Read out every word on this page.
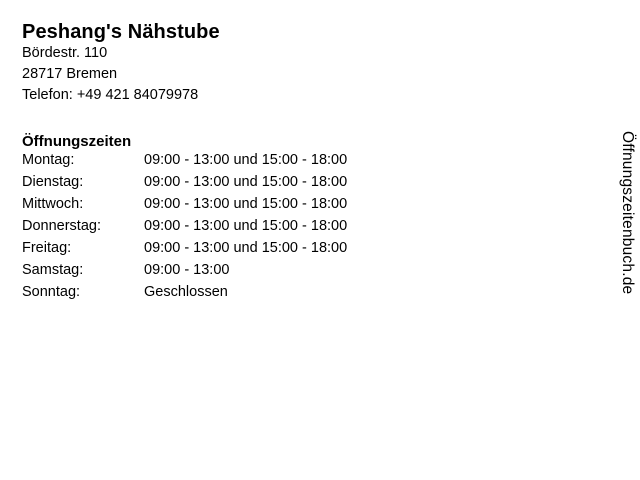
Peshang's Nähstube
Bördestr. 110
28717 Bremen
Telefon: +49 421 84079978
Öffnungszeiten
Montag:	09:00 - 13:00 und 15:00 - 18:00
Dienstag:	09:00 - 13:00 und 15:00 - 18:00
Mittwoch:	09:00 - 13:00 und 15:00 - 18:00
Donnerstag:	09:00 - 13:00 und 15:00 - 18:00
Freitag:	09:00 - 13:00 und 15:00 - 18:00
Samstag:	09:00 - 13:00
Sonntag:	Geschlossen	Öffnungszeitenbuch.de
